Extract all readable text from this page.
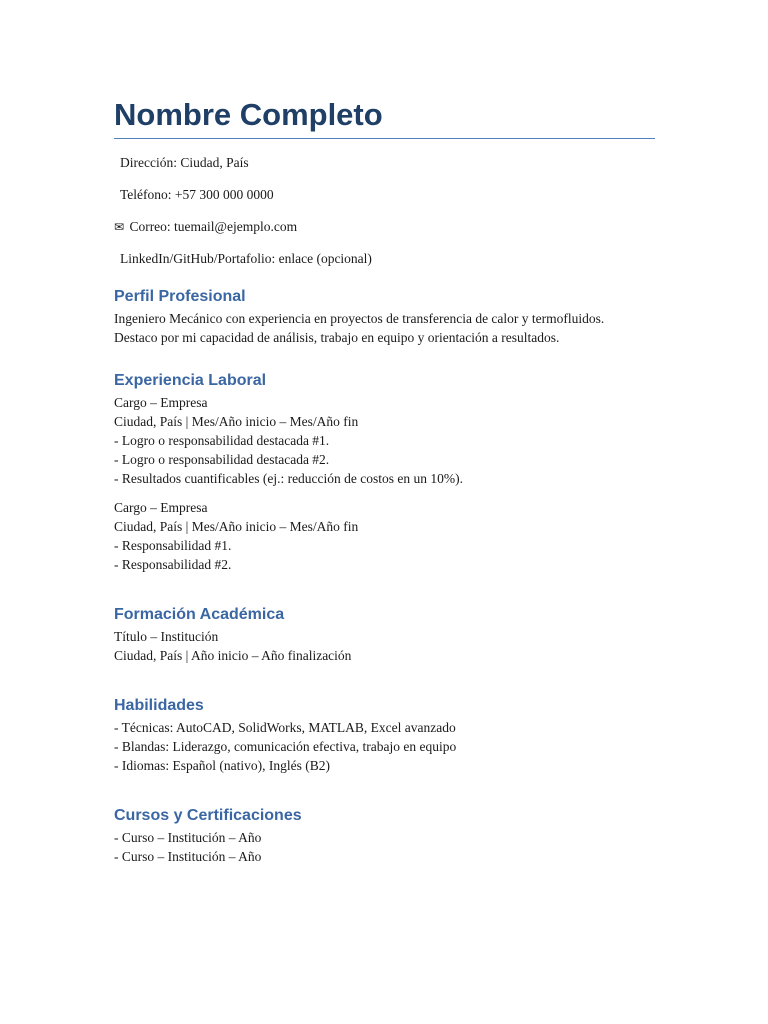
Nombre Completo
Dirección: Ciudad, País
Teléfono: +57 300 000 0000
✉ Correo: tuemail@ejemplo.com
LinkedIn/GitHub/Portafolio: enlace (opcional)
Perfil Profesional
Ingeniero Mecánico con experiencia en proyectos de transferencia de calor y termofluidos.
Destaco por mi capacidad de análisis, trabajo en equipo y orientación a resultados.
Experiencia Laboral
Cargo – Empresa
Ciudad, País | Mes/Año inicio – Mes/Año fin
- Logro o responsabilidad destacada #1.
- Logro o responsabilidad destacada #2.
- Resultados cuantificables (ej.: reducción de costos en un 10%).
Cargo – Empresa
Ciudad, País | Mes/Año inicio – Mes/Año fin
- Responsabilidad #1.
- Responsabilidad #2.
Formación Académica
Título – Institución
Ciudad, País | Año inicio – Año finalización
Habilidades
- Técnicas: AutoCAD, SolidWorks, MATLAB, Excel avanzado
- Blandas: Liderazgo, comunicación efectiva, trabajo en equipo
- Idiomas: Español (nativo), Inglés (B2)
Cursos y Certificaciones
- Curso – Institución – Año
- Curso – Institución – Año
